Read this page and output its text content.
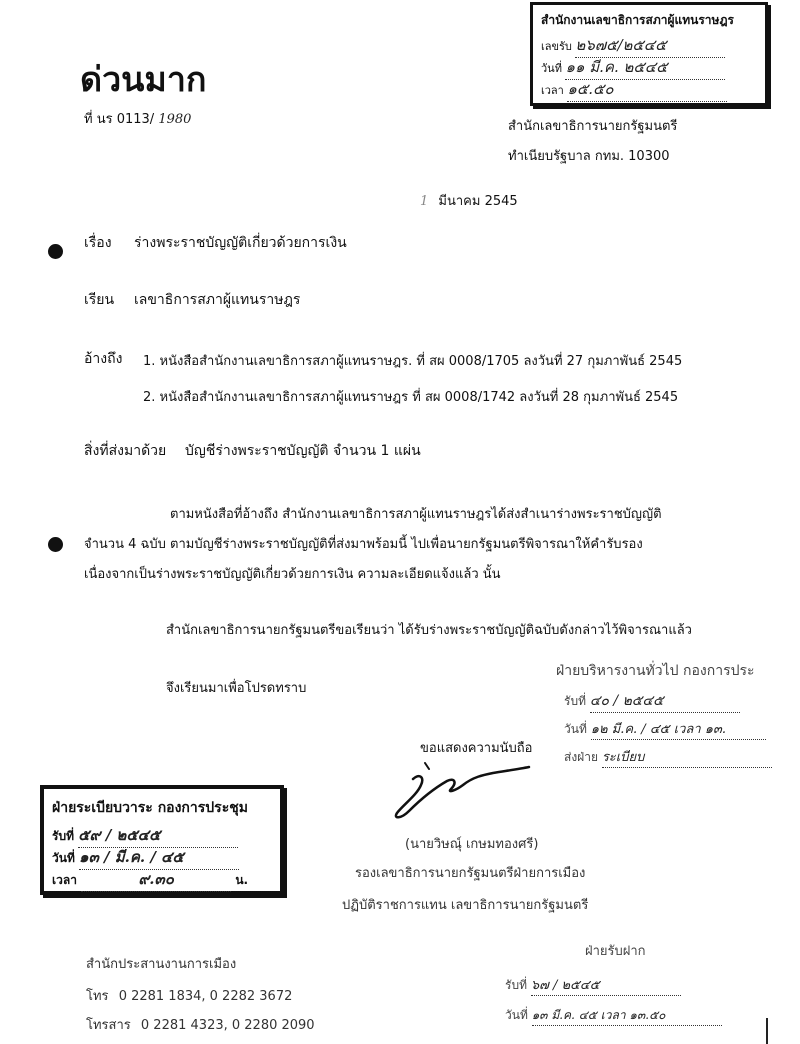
สำนักงานเลขาธิการสภาผู้แทนราษฎร
เลขรับ ๒๖๗๕/๒๕๔๕
วันที่ ๑๑ มี.ค. ๒๕๔๕
เวลา ๑๕.๕๐
ด่วนมาก
ที่ นร 0113/ 1980	สำนักเลขาธิการนายกรัฐมนตรี
ทำเนียบรัฐบาล กทม. 10300
1 มีนาคม 2545
เรื่อง ร่างพระราชบัญญัติเกี่ยวด้วยการเงิน
เรียน เลขาธิการสภาผู้แทนราษฎร
อ้างถึง 1. หนังสือสำนักงานเลขาธิการสภาผู้แทนราษฎร. ที่ สผ 0008/1705 ลงวันที่ 27 กุมภาพันธ์ 2545
2. หนังสือสำนักงานเลขาธิการสภาผู้แทนราษฎร ที่ สผ 0008/1742 ลงวันที่ 28 กุมภาพันธ์ 2545
สิ่งที่ส่งมาด้วย บัญชีร่างพระราชบัญญัติ จำนวน 1 แผ่น
ตามหนังสือที่อ้างถึง สำนักงานเลขาธิการสภาผู้แทนราษฎรได้ส่งสำเนาร่างพระราชบัญญัติ
จำนวน 4 ฉบับ ตามบัญชีร่างพระราชบัญญัติที่ส่งมาพร้อมนี้ ไปเพื่อนายกรัฐมนตรีพิจารณาให้คำรับรอง
เนื่องจากเป็นร่างพระราชบัญญัติเกี่ยวด้วยการเงิน ความละเอียดแจ้งแล้ว นั้น
สำนักเลขาธิการนายกรัฐมนตรีขอเรียนว่า ได้รับร่างพระราชบัญญัติฉบับดังกล่าวไว้พิจารณาแล้ว
จึงเรียนมาเพื่อโปรดทราบ
ขอแสดงความนับถือ
ฝ่ายบริหารงานทั่วไป กองการประ
รับที่ ๔๐ / ๒๕๔๕
วันที่ ๑๒ มี.ค. / ๔๕ เวลา ๑๓.
ส่งฝ่าย ระเบียบ
(นายวิษณุ์ เกษมทองศรี)
รองเลขาธิการนายกรัฐมนตรีฝ่ายการเมือง
ปฏิบัติราชการแทน เลขาธิการนายกรัฐมนตรี
ฝ่ายระเบียบวาระ กองการประชุม
รับที่ ๕๙ / ๒๕๔๕
วันที่ ๑๓ / มี.ค. / ๔๕
เวลา	๙.๓๐	น.
สำนักประสานงานการเมือง
โทร 0 2281 1834, 0 2282 3672
โทรสาร 0 2281 4323, 0 2280 2090
ฝ่ายรับฝาก
รับที่ ๖๗ / ๒๕๔๕
วันที่ ๑๓ มี.ค. ๔๕ เวลา ๑๓.๕๐
